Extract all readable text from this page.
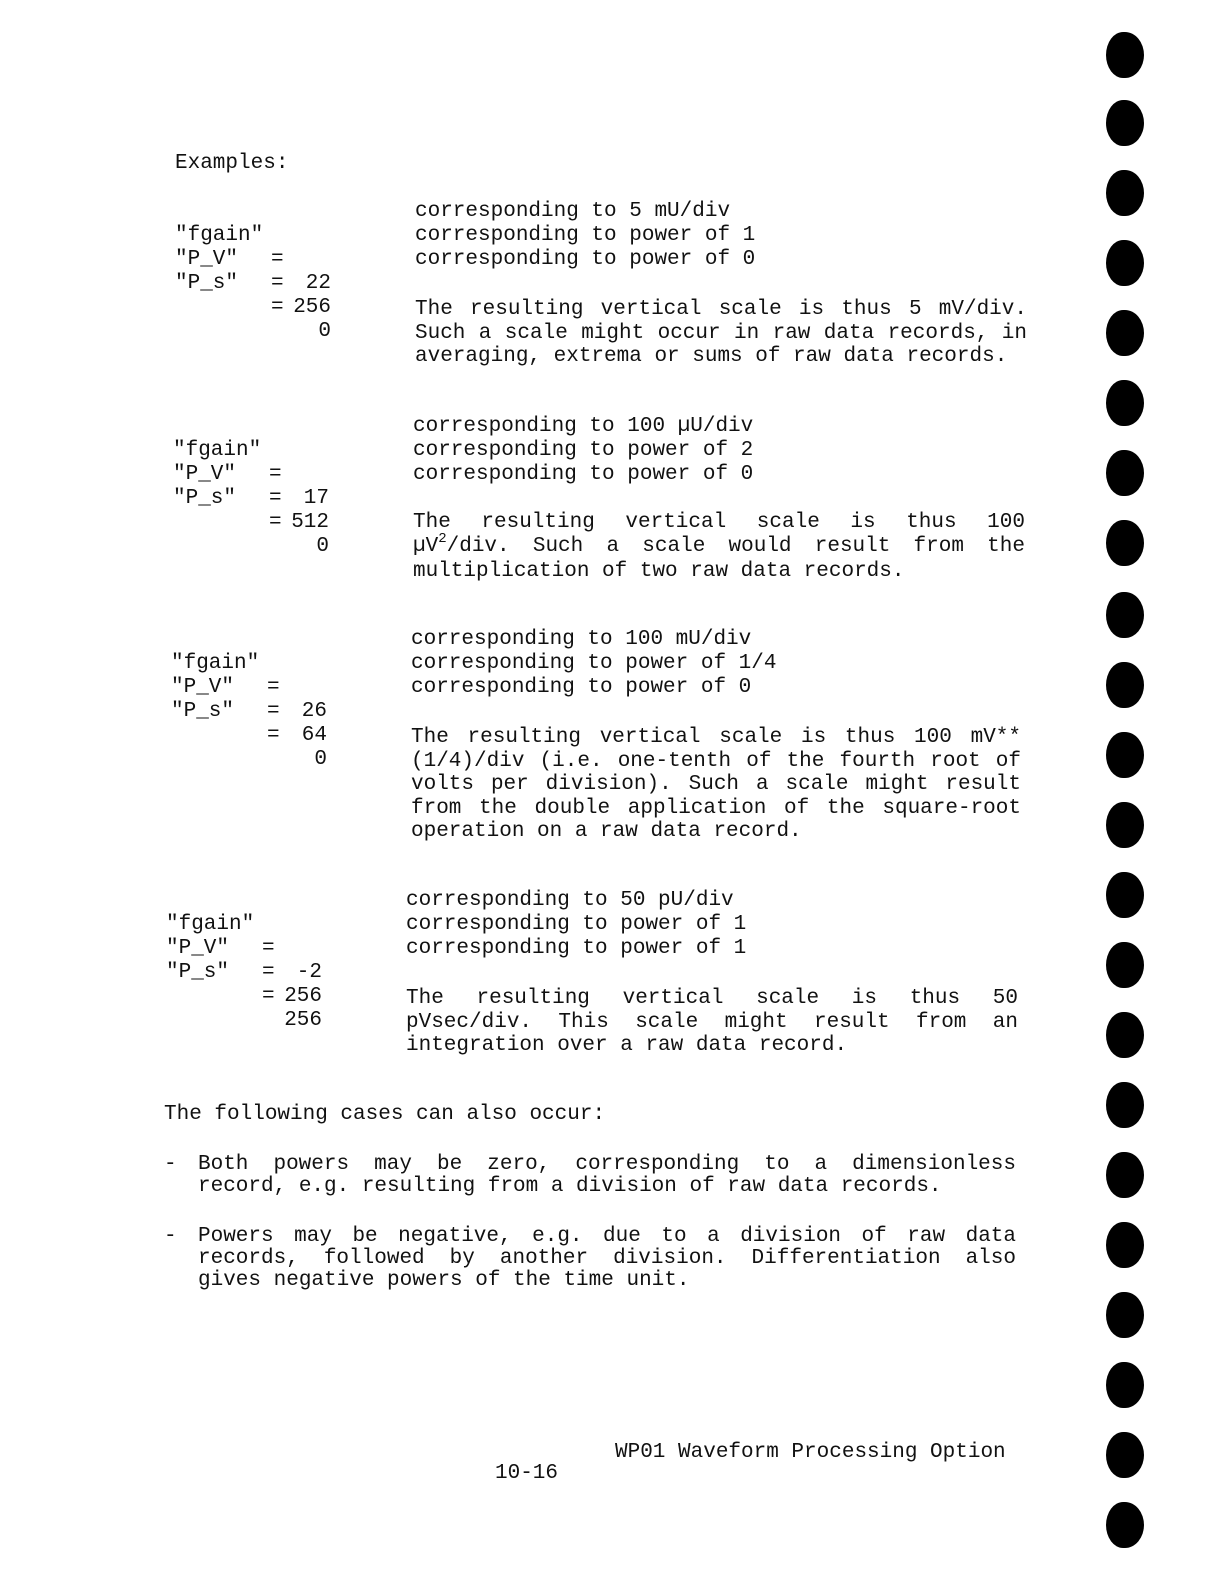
Examples:

"fgain"

=

22

"P_V"

=

256

"P_s"

=

0

corresponding to 5 mU/div
corresponding to power of 1
corresponding to power of 0
The resulting vertical scale is thus 5 mV/div. Such a scale might occur in raw data records, in averaging, extrema or sums of raw data records.

"fgain"

=

17

"P_V"

=

512

"P_s"

=

0

corresponding to 100 µU/div
corresponding to power of 2
corresponding to power of 0
The resulting vertical scale is thus 100 µV$^2$/div. Such a scale would result from the multiplication of two raw data records.

"fgain"

=

26

"P_V"

=

64

"P_s"

=

0

corresponding to 100 mU/div
corresponding to power of 1/4
corresponding to power of 0
The resulting vertical scale is thus 100 mV**(1/4)/div (i.e. one-tenth of the fourth root of volts per division). Such a scale might result from the double application of the square-root operation on a raw data record.

"fgain"

=

-2

"P_V"

=

256

"P_s"

=

256

corresponding to 50 pU/div
corresponding to power of 1
corresponding to power of 1
The resulting vertical scale is thus 50 pVsec/div. This scale might result from an integration over a raw data record.
The following cases can also occur:
- Both powers may be zero, corresponding to a dimensionless record, e.g. resulting from a division of raw data records.
- Powers may be negative, e.g. due to a division of raw data records, followed by another division. Differentiation also gives negative powers of the time unit.
WP01 Waveform Processing Option
10-16
